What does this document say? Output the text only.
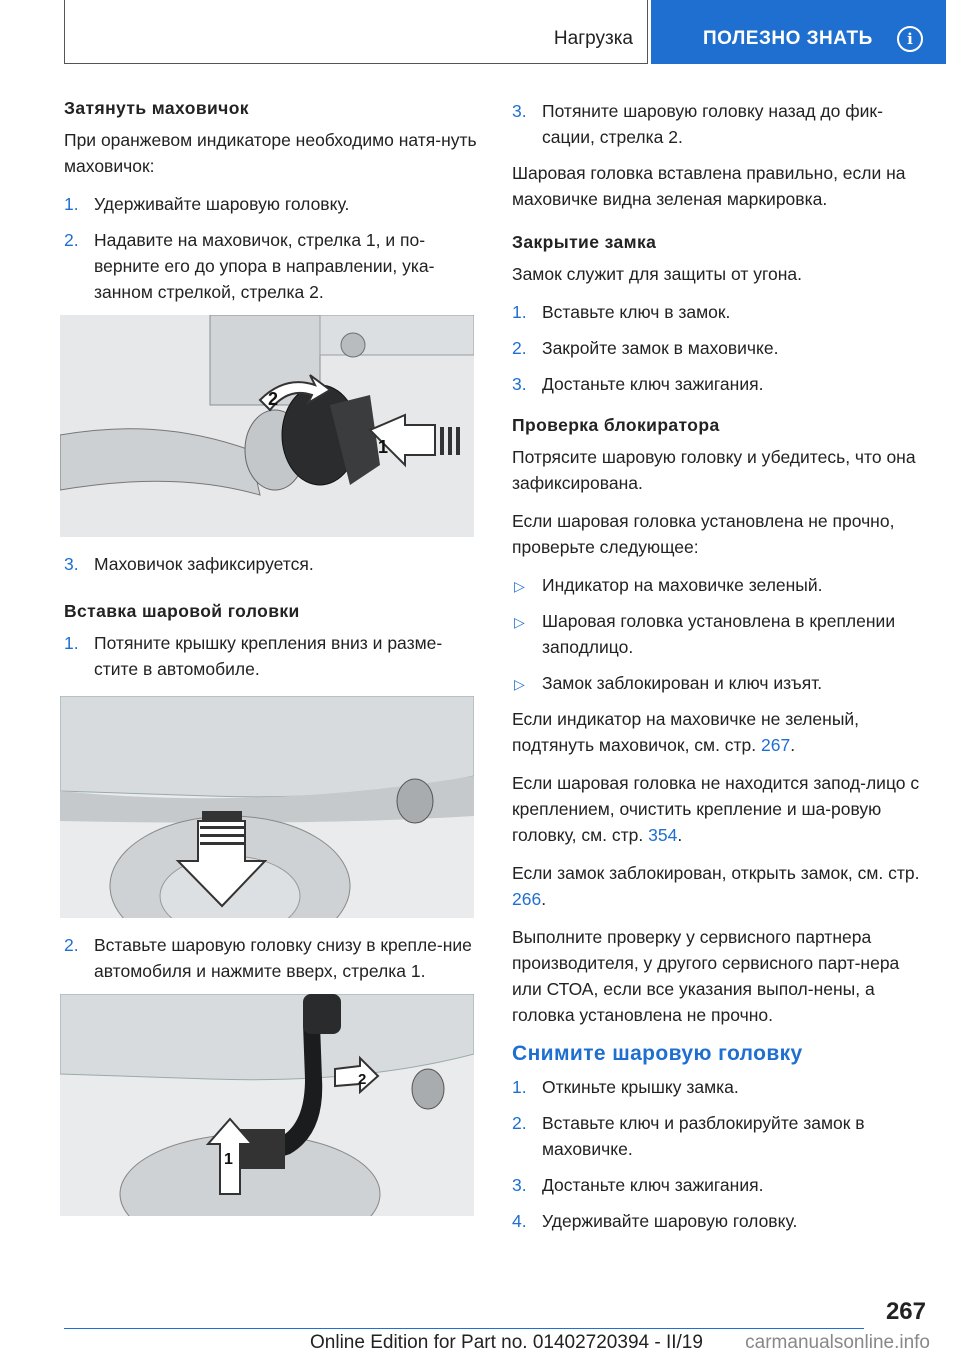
Нагрузка	ПОЛЕЗНО ЗНАТЬ	i
Затянуть маховичок

При оранжевом индикаторе необходимо натя-нуть маховичок:

1. Удерживайте шаровую головку.
2. Надавите на маховичок, стрелка 1, и по-верните его до упора в направлении, ука-занном стрелкой, стрелка 2.
1
2
3. Маховичок зафиксируется.
Вставка шаровой головки
1. Потяните крышку крепления вниз и разме-стите в автомобиле.
2. Вставьте шаровую головку снизу в крепле-ние автомобиля и нажмите вверх, стрелка 1.
1
2
3. Потяните шаровую головку назад до фик-сации, стрелка 2.

Шаровая головка вставлена правильно, если на маховичке видна зеленая маркировка.

Закрытие замка

Замок служит для защиты от угона.

1. Вставьте ключ в замок.
2. Закройте замок в маховичке.
3. Достаньте ключ зажигания.
Проверка блокиратора

Потрясите шаровую головку и убедитесь, что она зафиксирована.

Если шаровая головка установлена не прочно, проверьте следующее:

▷ Индикатор на маховичке зеленый.
▷ Шаровая головка установлена в креплении заподлицо.
▷ Замок заблокирован и ключ изъят.

Если индикатор на маховичке не зеленый, подтянуть маховичок, см. стр. 267.

Если шаровая головка не находится запод-лицо с креплением, очистить крепление и ша-ровую головку, см. стр. 354.

Если замок заблокирован, открыть замок, см. стр. 266.

Выполните проверку у сервисного партнера производителя, у другого сервисного парт-нера или СТОА, если все указания выпол-нены, а головка установлена не прочно.

Снимите шаровую головку
1. Откиньте крышку замка.
2. Вставьте ключ и разблокируйте замок в маховичке.
3. Достаньте ключ зажигания.
4. Удерживайте шаровую головку.
267
Online Edition for Part no. 01402720394 - II/19 carmanualsonline.info
